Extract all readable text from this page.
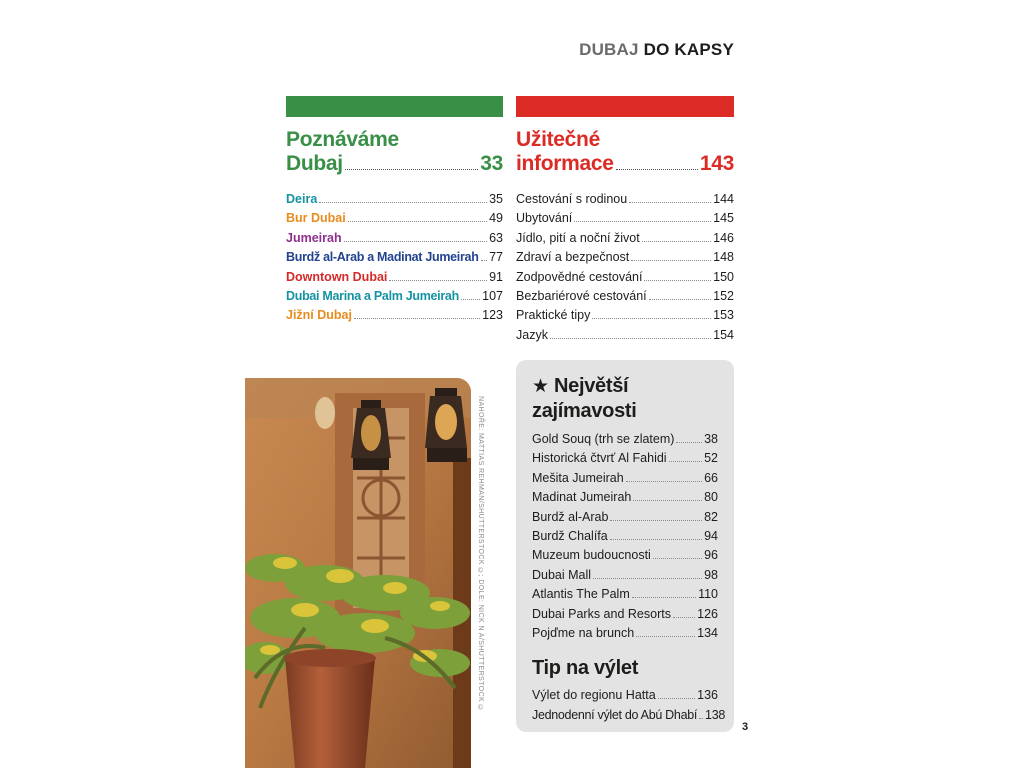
DUBAJ DO KAPSY
Poznáváme
Dubaj	33
Deira	35
Bur Dubai	49
Jumeirah	63
Burdž al-Arab a Madinat Jumeirah 77
Downtown Dubai	91
Dubai Marina a Palm Jumeirah 107
Jižní Dubaj	123
Užitečné
informace	143
Cestování s rodinou	144
Ubytování	145
Jídlo, pití a noční život	146
Zdraví a bezpečnost	148
Zodpovědné cestování	150
Bezbariérové cestování	152
Praktické tipy	153
Jazyk	154
NAHOŘE: MATTIAS REHMAN/SHUTTERSTOCK ©; DOLE: NICK N A/SHUTTERSTOCK ©
★ Největší
zajímavosti
Gold Souq (trh se zlatem) 38
Historická čtvrť Al Fahidi	52
Mešita Jumeirah	66
Madinat Jumeirah	80
Burdž al-Arab	82
Burdž Chalífa	94
Muzeum budoucnosti	96
Dubai Mall	98
Atlantis The Palm	110
Dubai Parks and Resorts 126
Pojďme na brunch	134
Tip na výlet
Výlet do regionu Hatta	136
Jednodenní výlet do Abú Dhabí 138
3
